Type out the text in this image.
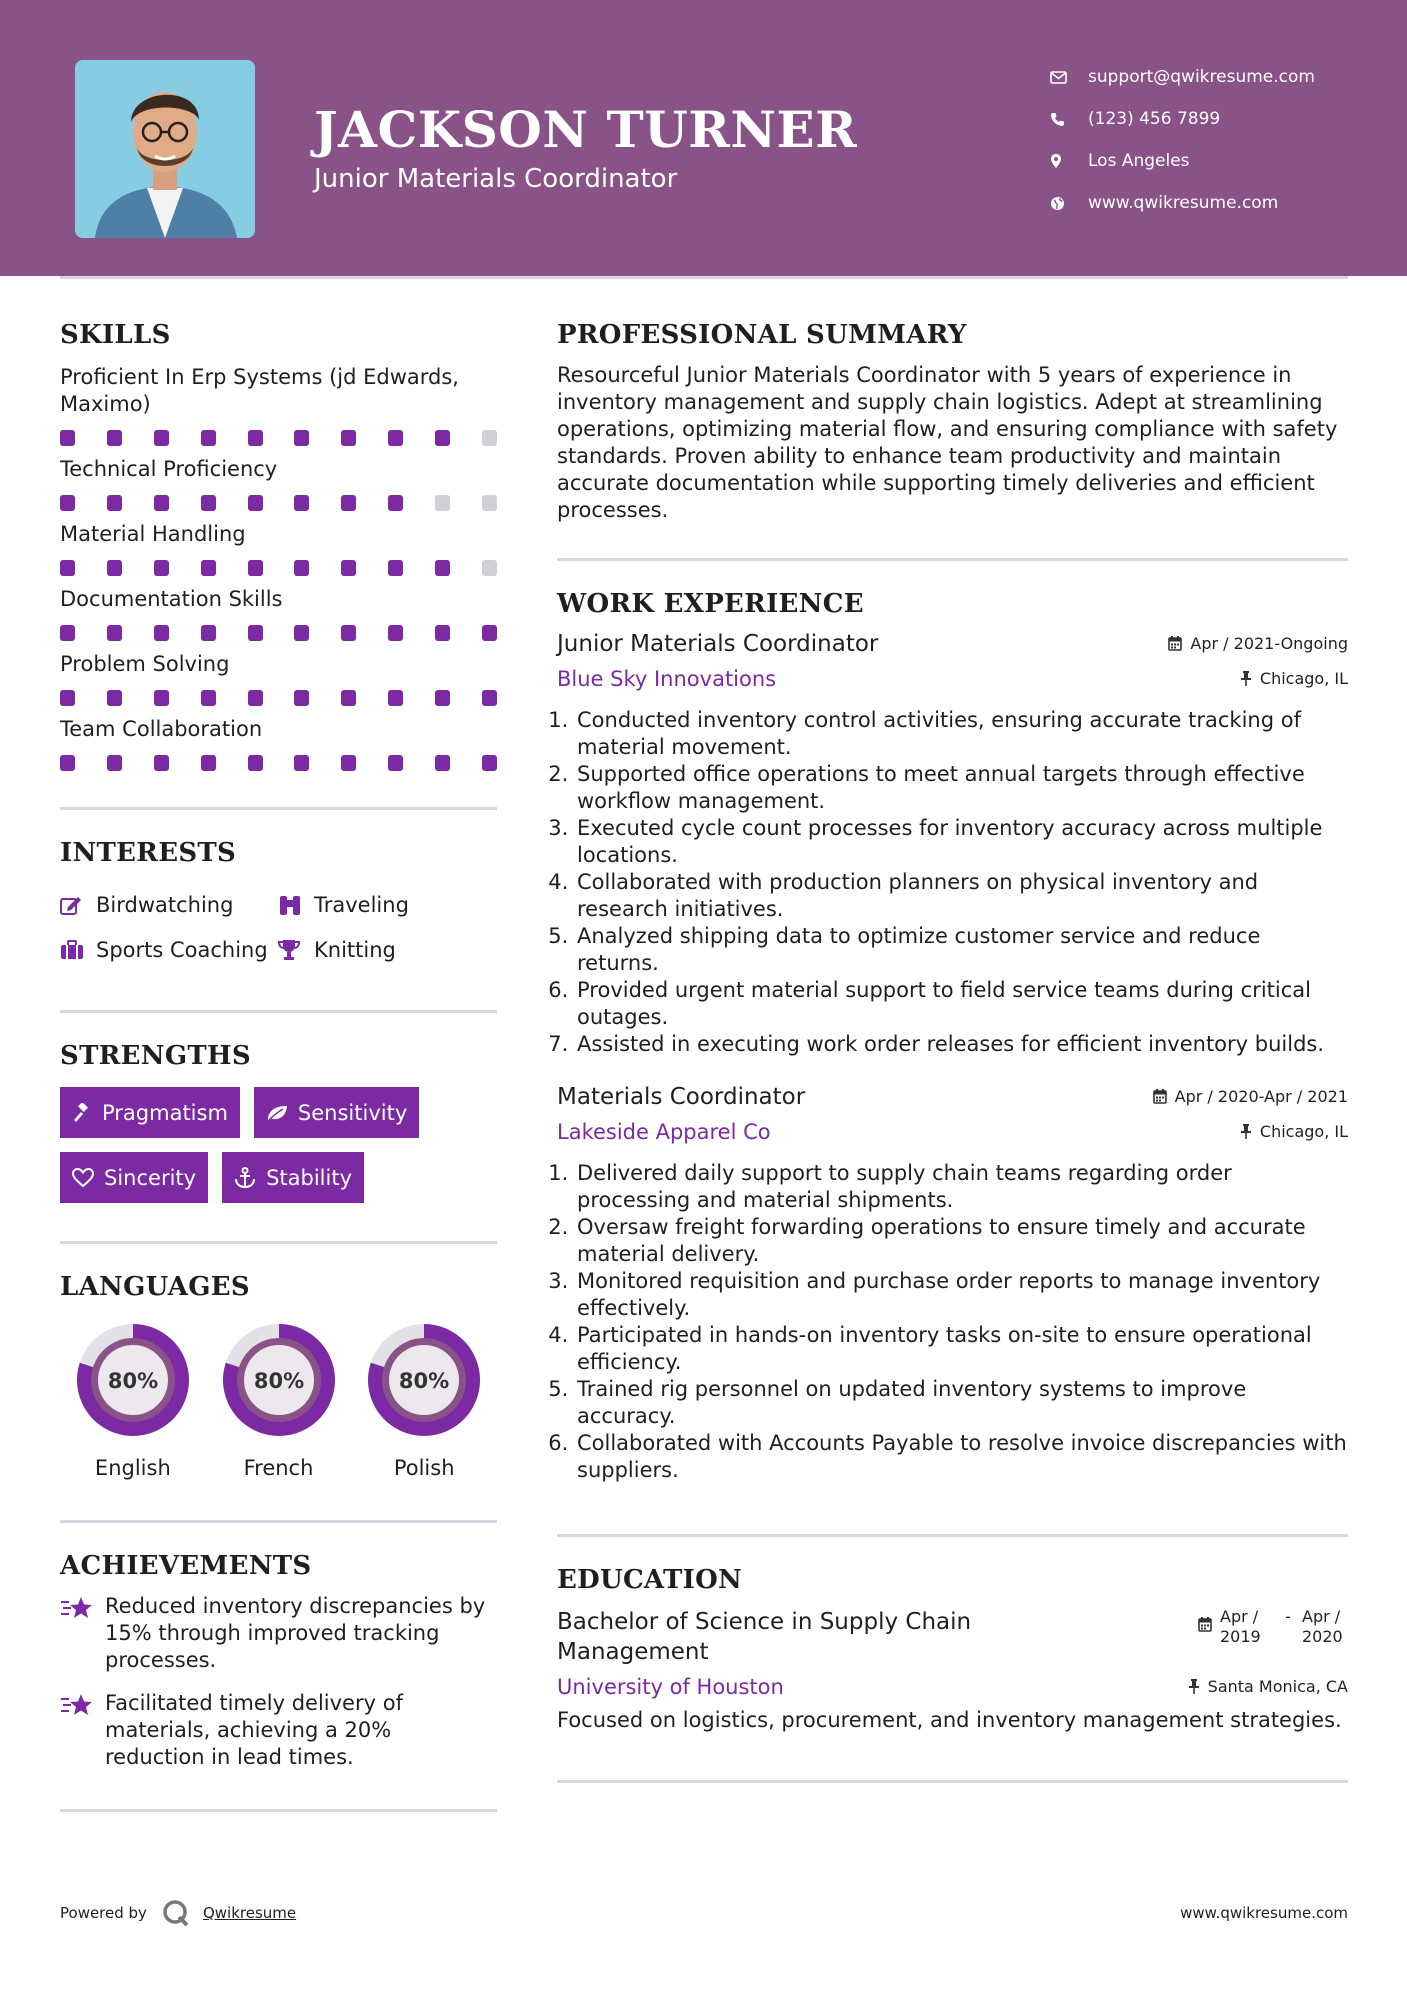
JACKSON TURNER
Junior Materials Coordinator
support@qwikresume.com
(123) 456 7899
Los Angeles
www.qwikresume.com
SKILLS
Proficient In Erp Systems (jd Edwards, Maximo)
Technical Proficiency
Material Handling
Documentation Skills
Problem Solving
Team Collaboration
INTERESTS
Birdwatching	Traveling
Sports Coaching Knitting
STRENGTHS
Pragmatism	Sensitivity
Sincerity	Stability
LANGUAGES
80%
English
80%
French
80%
Polish
ACHIEVEMENTS
Reduced inventory discrepancies by 15% through improved tracking processes.
Facilitated timely delivery of materials, achieving a 20% reduction in lead times.
PROFESSIONAL SUMMARY
Resourceful Junior Materials Coordinator with 5 years of experience in inventory management and supply chain logistics. Adept at streamlining operations, optimizing material flow, and ensuring compliance with safety standards. Proven ability to enhance team productivity and maintain accurate documentation while supporting timely deliveries and efficient processes.
WORK EXPERIENCE
Junior Materials Coordinator	Apr / 2021-Ongoing
Blue Sky Innovations	Chicago, IL
1. Conducted inventory control activities, ensuring accurate tracking of material movement.
2. Supported office operations to meet annual targets through effective workflow management.
3. Executed cycle count processes for inventory accuracy across multiple locations.
4. Collaborated with production planners on physical inventory and research initiatives.
5. Analyzed shipping data to optimize customer service and reduce returns.
6. Provided urgent material support to field service teams during critical outages.
7. Assisted in executing work order releases for efficient inventory builds.
Materials Coordinator	Apr / 2020-Apr / 2021
Lakeside Apparel Co	Chicago, IL
1. Delivered daily support to supply chain teams regarding order processing and material shipments.
2. Oversaw freight forwarding operations to ensure timely and accurate material delivery.
3. Monitored requisition and purchase order reports to manage inventory effectively.
4. Participated in hands-on inventory tasks on-site to ensure operational efficiency.
5. Trained rig personnel on updated inventory systems to improve accuracy.
6. Collaborated with Accounts Payable to resolve invoice discrepancies with suppliers.
EDUCATION
Bachelor of Science in Supply Chain Management
Apr / 2019
- Apr / 2020
University of Houston	Santa Monica, CA
Focused on logistics, procurement, and inventory management strategies.
Powered by	Qwikresume	www.qwikresume.com
